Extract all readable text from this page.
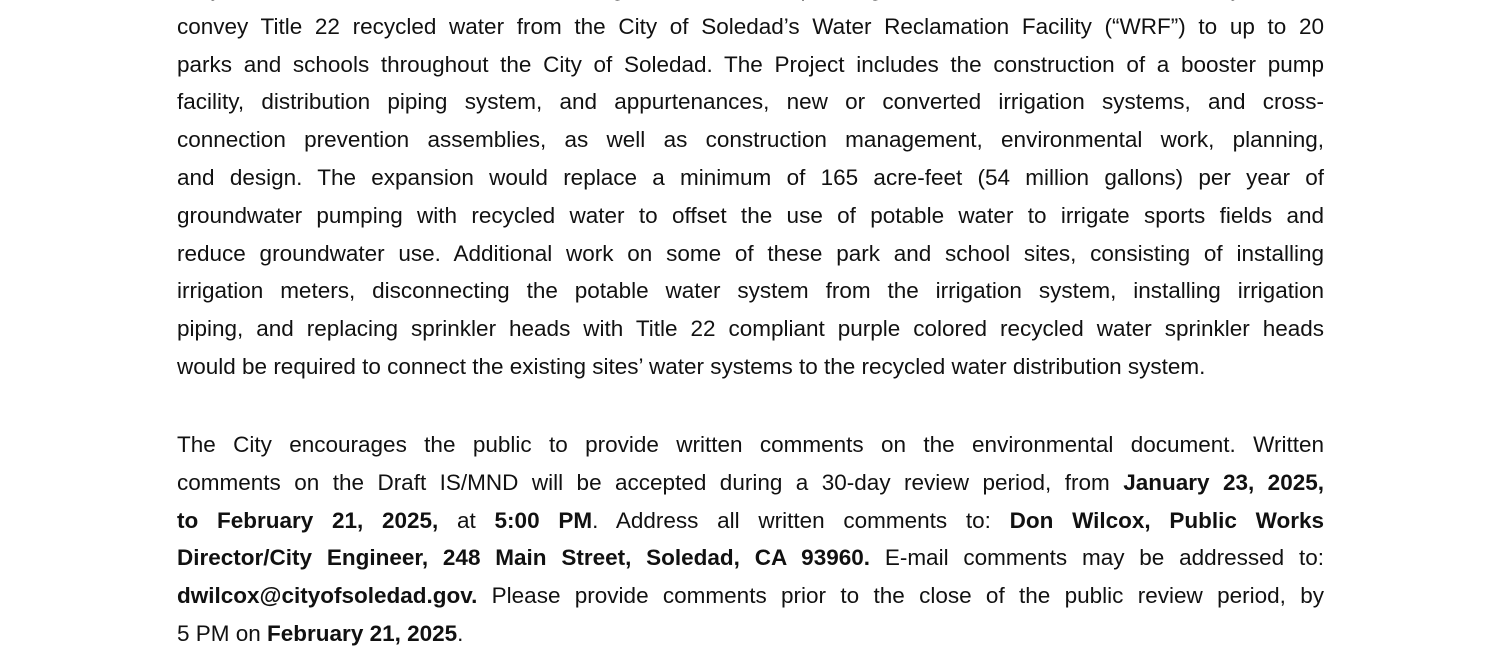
convey Title 22 recycled water from the City of Soledad’s Water Reclamation Facility (“WRF”) to up to 20
parks and schools throughout the City of Soledad. The Project includes the construction of a booster pump
facility, distribution piping system, and appurtenances, new or converted irrigation systems, and cross-
connection prevention assemblies, as well as construction management, environmental work, planning,
and design. The expansion would replace a minimum of 165 acre-feet (54 million gallons) per year of
groundwater pumping with recycled water to offset the use of potable water to irrigate sports fields and
reduce groundwater use. Additional work on some of these park and school sites, consisting of installing
irrigation meters, disconnecting the potable water system from the irrigation system, installing irrigation
piping, and replacing sprinkler heads with Title 22 compliant purple colored recycled water sprinkler heads
would be required to connect the existing sites’ water systems to the recycled water distribution system.
The City encourages the public to provide written comments on the environmental document. Written
comments on the Draft IS/MND will be accepted during a 30-day review period, from January 23, 2025,
to February 21, 2025, at 5:00 PM. Address all written comments to: Don Wilcox, Public Works
Director/City Engineer, 248 Main Street, Soledad, CA 93960. E-mail comments may be addressed to:
dwilcox@cityofsoledad.gov. Please provide comments prior to the close of the public review period, by
5 PM on February 21, 2025.
